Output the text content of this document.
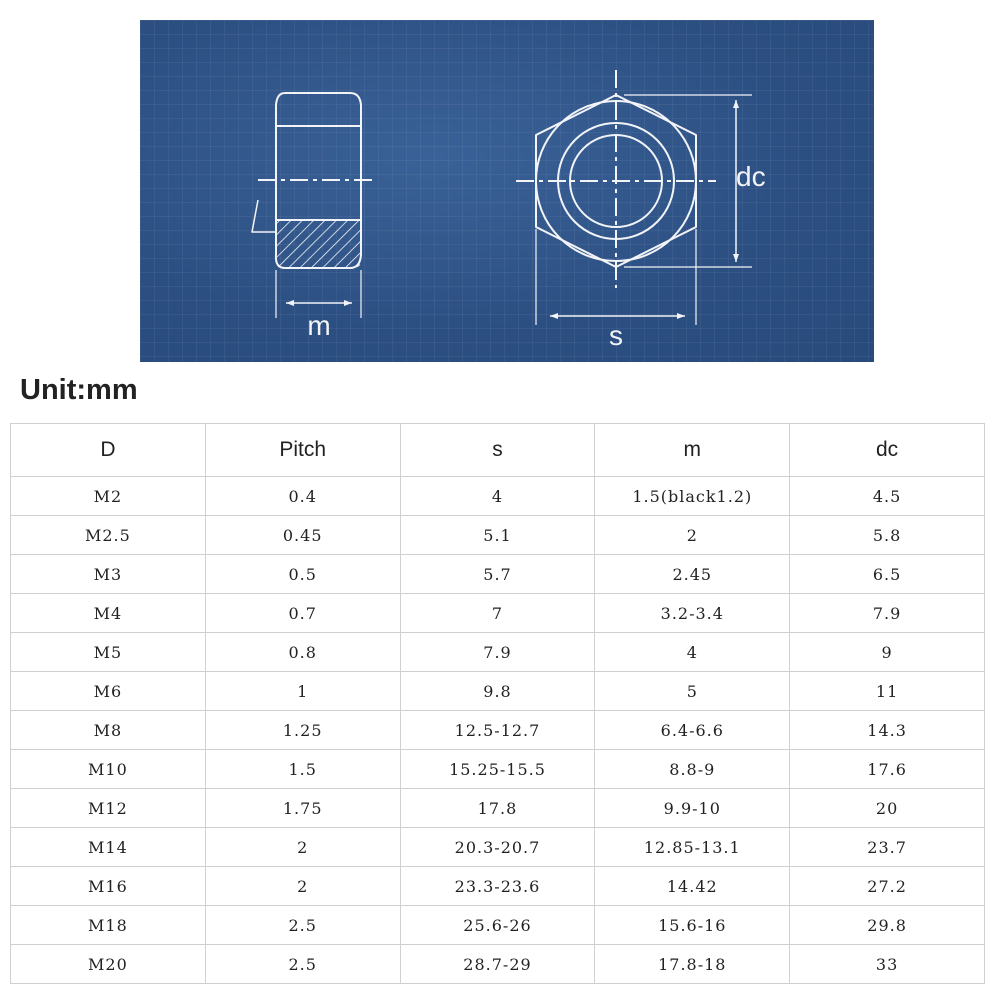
m	s
dc
Unit:mm
D	Pitch	s	m	dc
M2	0.4	4	1.5(black1.2)	4.5
M2.5	0.45	5.1	2	5.8
M3	0.5	5.7	2.45	6.5
M4	0.7	7	3.2-3.4	7.9
M5	0.8	7.9	4	9
M6	1	9.8	5	11
M8	1.25	12.5-12.7	6.4-6.6	14.3
M10	1.5	15.25-15.5	8.8-9	17.6
M12	1.75	17.8	9.9-10	20
M14	2	20.3-20.7	12.85-13.1	23.7
M16	2	23.3-23.6	14.42	27.2
M18	2.5	25.6-26	15.6-16	29.8
M20	2.5	28.7-29	17.8-18	33
